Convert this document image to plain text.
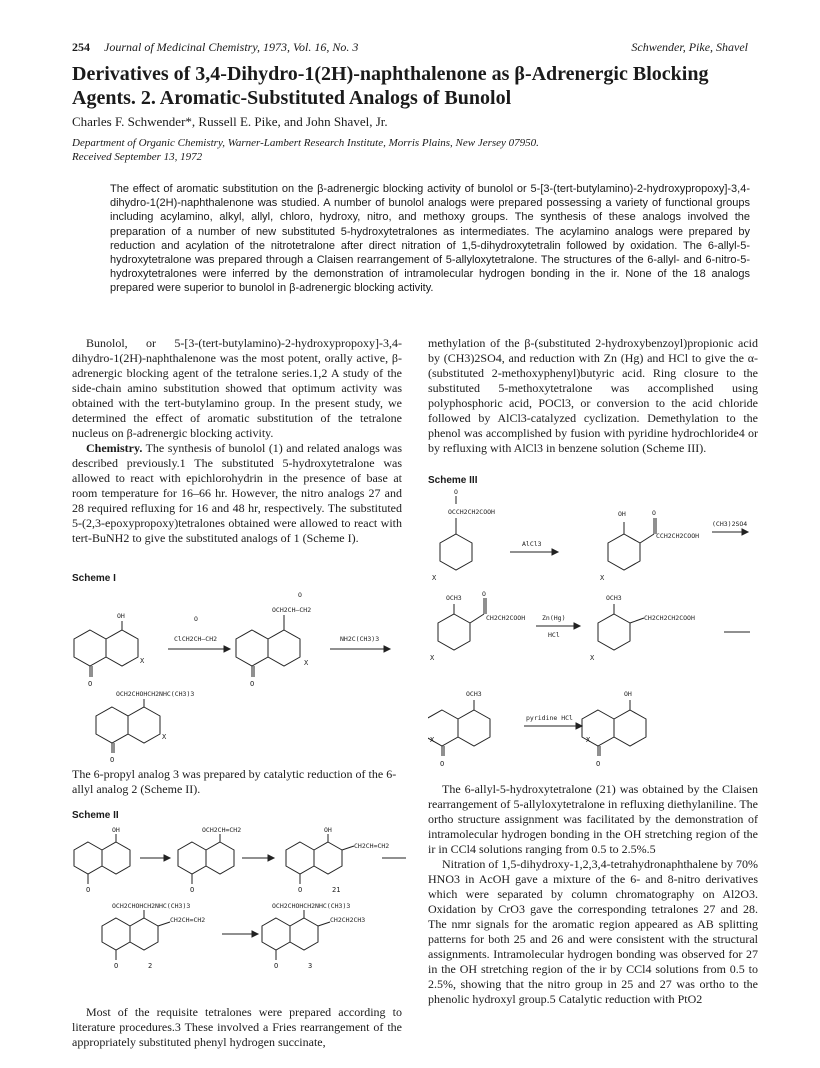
254 Journal of Medicinal Chemistry, 1973, Vol. 16, No. 3	Schwender, Pike, Shavel
Derivatives of 3,4-Dihydro-1(2H)-naphthalenone as β-Adrenergic Blocking Agents. 2. Aromatic-Substituted Analogs of Bunolol
Charles F. Schwender*, Russell E. Pike, and John Shavel, Jr.
Department of Organic Chemistry, Warner-Lambert Research Institute, Morris Plains, New Jersey 07950.
Received September 13, 1972
The effect of aromatic substitution on the β-adrenergic blocking activity of bunolol or 5-[3-(tert-butylamino)-2-hydroxypropoxy]-3,4-dihydro-1(2H)-naphthalenone was studied. A number of bunolol analogs were prepared possessing a variety of functional groups including acylamino, alkyl, allyl, chloro, hydroxy, nitro, and methoxy groups. The synthesis of these analogs involved the preparation of a number of new substituted 5-hydroxytetralones as intermediates. The acylamino analogs were prepared by reduction and acylation of the nitrotetralone after direct nitration of 1,5-dihydroxytetralin followed by oxidation. The 6-allyl-5-hydroxytetralone was prepared through a Claisen rearrangement of 5-allyloxytetralone. The structures of the 6-allyl- and 6-nitro-5-hydroxytetralones were inferred by the demonstration of intramolecular hydrogen bonding in the ir. None of the 18 analogs prepared were superior to bunolol in β-adrenergic blocking activity.

Bunolol, or 5-[3-(tert-butylamino)-2-hydroxypropoxy]-3,4-dihydro-1(2H)-naphthalenone was the most potent, orally active, β-adrenergic blocking agent of the tetralone series.1,2 A study of the side-chain amino substitution showed that optimum activity was obtained with the tert-butylamino group. In the present study, we determined the effect of aromatic substitution of the tetralone nucleus on β-adrenergic blocking activity.

Chemistry. The synthesis of bunolol (1) and related analogs was described previously.1 The substituted 5-hydroxytetralone was allowed to react with epichlorohydrin in the presence of base at room temperature for 16–66 hr. However, the nitro analogs 27 and 28 required refluxing for 16 and 48 hr, respectively. The substituted 5-(2,3-epoxypropoxy)tetralones obtained were allowed to react with tert-BuNH2 to give the substituted analogs of 1 (Scheme I).

Scheme I
OH
X
O
ClCH2CH–CH2
O
OCH2CH–CH2
O
X
O
NH2C(CH3)3
OCH2CHOHCH2NHC(CH3)3
X
O
The 6-propyl analog 3 was prepared by catalytic reduction of the 6-allyl analog 2 (Scheme II).
Scheme II
OH
O
OCH2CH=CH2
O
OH
CH2CH=CH2
O	21
OCH2CHOHCH2NHC(CH3)3
CH2CH=CH2
O	2
OCH2CHOHCH2NHC(CH3)3
CH2CH2CH3
O	3

Most of the requisite tetralones were prepared according to literature procedures.3 These involved a Fries rearrangement of the appropriately substituted phenyl hydrogen succinate,

methylation of the β-(substituted 2-hydroxybenzoyl)propionic acid by (CH3)2SO4, and reduction with Zn (Hg) and HCl to give the α-(substituted 2-methoxyphenyl)butyric acid. Ring closure to the substituted 5-methoxytetralone was accomplished using polyphosphoric acid, POCl3, or conversion to the acid chloride followed by AlCl3-catalyzed cyclization. Demethylation to the phenol was accomplished by fusion with pyridine hydrochloride4 or by refluxing with AlCl3 in benzene solution (Scheme III).

Scheme III
O
OCCH2CH2COOH
X
AlCl3
OH	O
CCH2CH2COOH
X
(CH3)2SO4
OCH3	O
CH2CH2COOH
X
Zn(Hg)
HCl
OCH3
CH2CH2CH2COOH
X
OCH3
O
X
pyridine HCl
OH
O
X

The 6-allyl-5-hydroxytetralone (21) was obtained by the Claisen rearrangement of 5-allyloxytetralone in refluxing diethylaniline. The ortho structure assignment was facilitated by the demonstration of intramolecular hydrogen bonding in the OH stretching region of the ir in CCl4 solutions ranging from 0.5 to 2.5%.5

Nitration of 1,5-dihydroxy-1,2,3,4-tetrahydronaphthalene by 70% HNO3 in AcOH gave a mixture of the 6- and 8-nitro derivatives which were separated by column chromatography on Al2O3. Oxidation by CrO3 gave the corresponding tetralones 27 and 28. The nmr signals for the aromatic region appeared as AB splitting patterns for both 25 and 26 and were consistent with the structural assignments. Intramolecular hydrogen bonding was observed for 27 in the OH stretching region of the ir by CCl4 solutions from 0.5 to 2.5%, showing that the nitro group in 25 and 27 was ortho to the phenolic hydroxyl group.5 Catalytic reduction with PtO2
